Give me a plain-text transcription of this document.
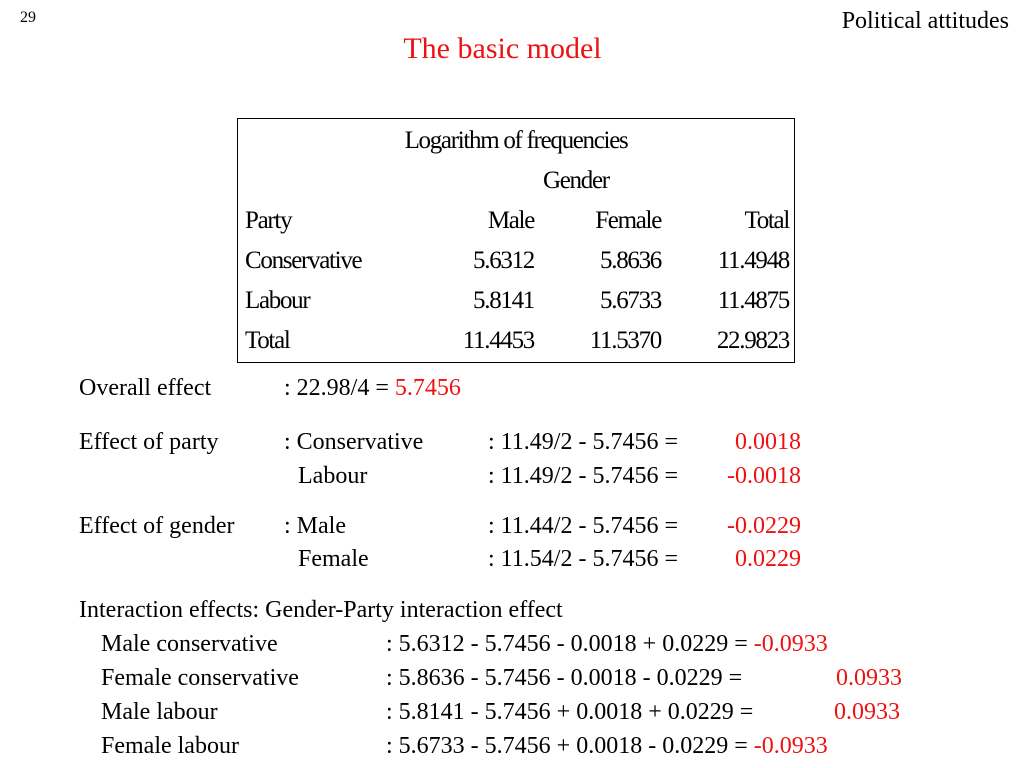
29	Political attitudes
The basic model
Logarithm of frequencies
Gender
Party	Male Female	Total
Conservative	5.6312	5.8636 11.4948
Labour	5.8141	5.6733 11.4875
Total	11.4453 11.5370 22.9823
Overall effect	: 22.98/4 = 5.7456
Effect of party	: Conservative	: 11.49/2 - 5.7456 = 0.0018
Labour	: 11.49/2 - 5.7456 = -0.0018
Effect of gender : Male	: 11.44/2 - 5.7456 = -0.0229
Female	: 11.54/2 - 5.7456 = 0.0229
Interaction effects: Gender-Party interaction effect
Male conservative	: 5.6312 - 5.7456 - 0.0018 + 0.0229 = -0.0933
Female conservative	: 5.8636 - 5.7456 - 0.0018 - 0.0229 =	0.0933
Male labour	: 5.8141 - 5.7456 + 0.0018 + 0.0229 =	0.0933
Female labour	: 5.6733 - 5.7456 + 0.0018 - 0.0229 = -0.0933
